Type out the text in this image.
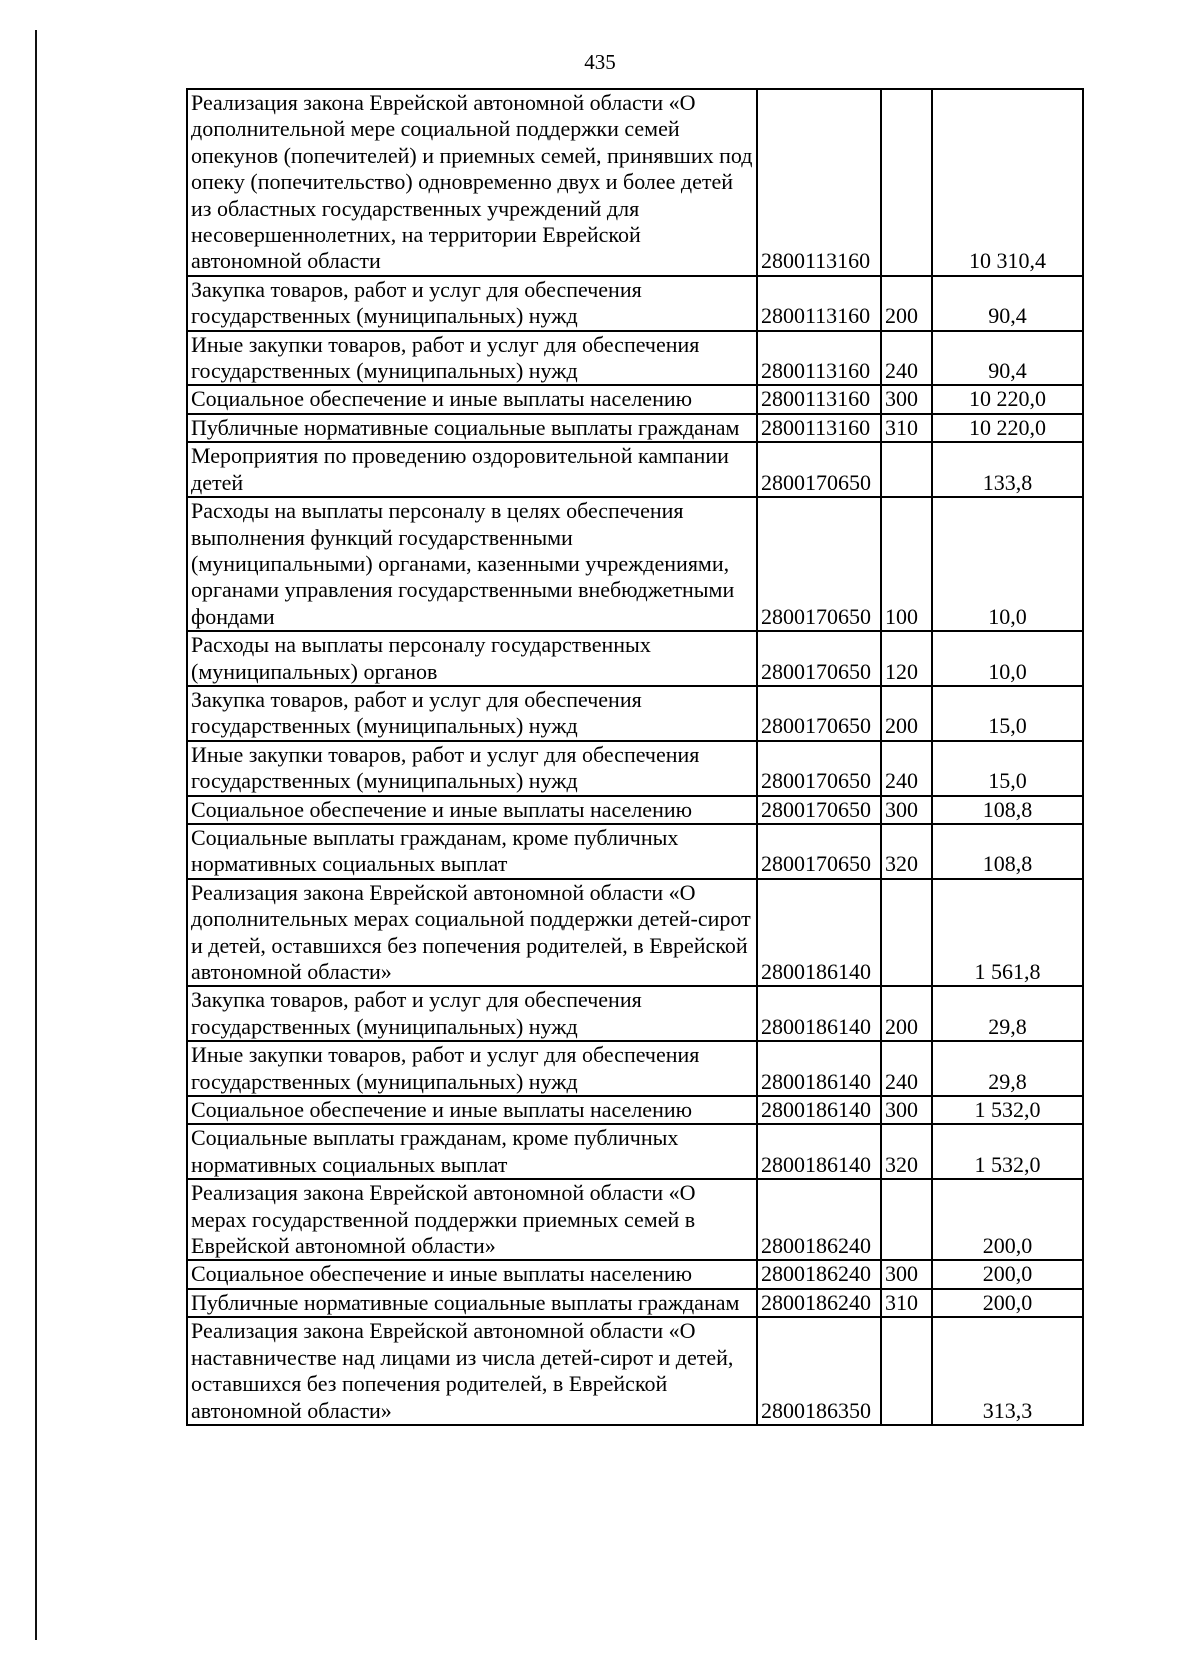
435
Реализация закона Еврейской автономной области «О дополнительной мере социальной поддержки семей опекунов (попечителей) и приемных семей, принявших под опеку (попечительство) одновременно двух и более детей из областных государственных учреждений для несовершеннолетних, на территории Еврейской автономной области	2800113160		10 310,4
Закупка товаров, работ и услуг для обеспечения государственных (муниципальных) нужд	2800113160	200	90,4
Иные закупки товаров, работ и услуг для обеспечения государственных (муниципальных) нужд	2800113160	240	90,4
Социальное обеспечение и иные выплаты населению	2800113160	300	10 220,0
Публичные нормативные социальные выплаты гражданам	2800113160	310	10 220,0
Мероприятия по проведению оздоровительной кампании детей	2800170650		133,8
Расходы на выплаты персоналу в целях обеспечения выполнения функций государственными (муниципальными) органами, казенными учреждениями, органами управления государственными внебюджетными фондами	2800170650	100	10,0
Расходы на выплаты персоналу государственных (муниципальных) органов	2800170650	120	10,0
Закупка товаров, работ и услуг для обеспечения государственных (муниципальных) нужд	2800170650	200	15,0
Иные закупки товаров, работ и услуг для обеспечения государственных (муниципальных) нужд	2800170650	240	15,0
Социальное обеспечение и иные выплаты населению	2800170650	300	108,8
Социальные выплаты гражданам, кроме публичных нормативных социальных выплат	2800170650	320	108,8
Реализация закона Еврейской автономной области «О дополнительных мерах социальной поддержки детей-сирот и детей, оставшихся без попечения родителей, в Еврейской автономной области»	2800186140		1 561,8
Закупка товаров, работ и услуг для обеспечения государственных (муниципальных) нужд	2800186140	200	29,8
Иные закупки товаров, работ и услуг для обеспечения государственных (муниципальных) нужд	2800186140	240	29,8
Социальное обеспечение и иные выплаты населению	2800186140	300	1 532,0
Социальные выплаты гражданам, кроме публичных нормативных социальных выплат	2800186140	320	1 532,0
Реализация закона Еврейской автономной области «О мерах государственной поддержки приемных семей в Еврейской автономной области»	2800186240		200,0
Социальное обеспечение и иные выплаты населению	2800186240	300	200,0
Публичные нормативные социальные выплаты гражданам	2800186240	310	200,0
Реализация закона Еврейской автономной области «О наставничестве над лицами из числа детей-сирот и детей, оставшихся без попечения родителей, в Еврейской автономной области»	2800186350		313,3
